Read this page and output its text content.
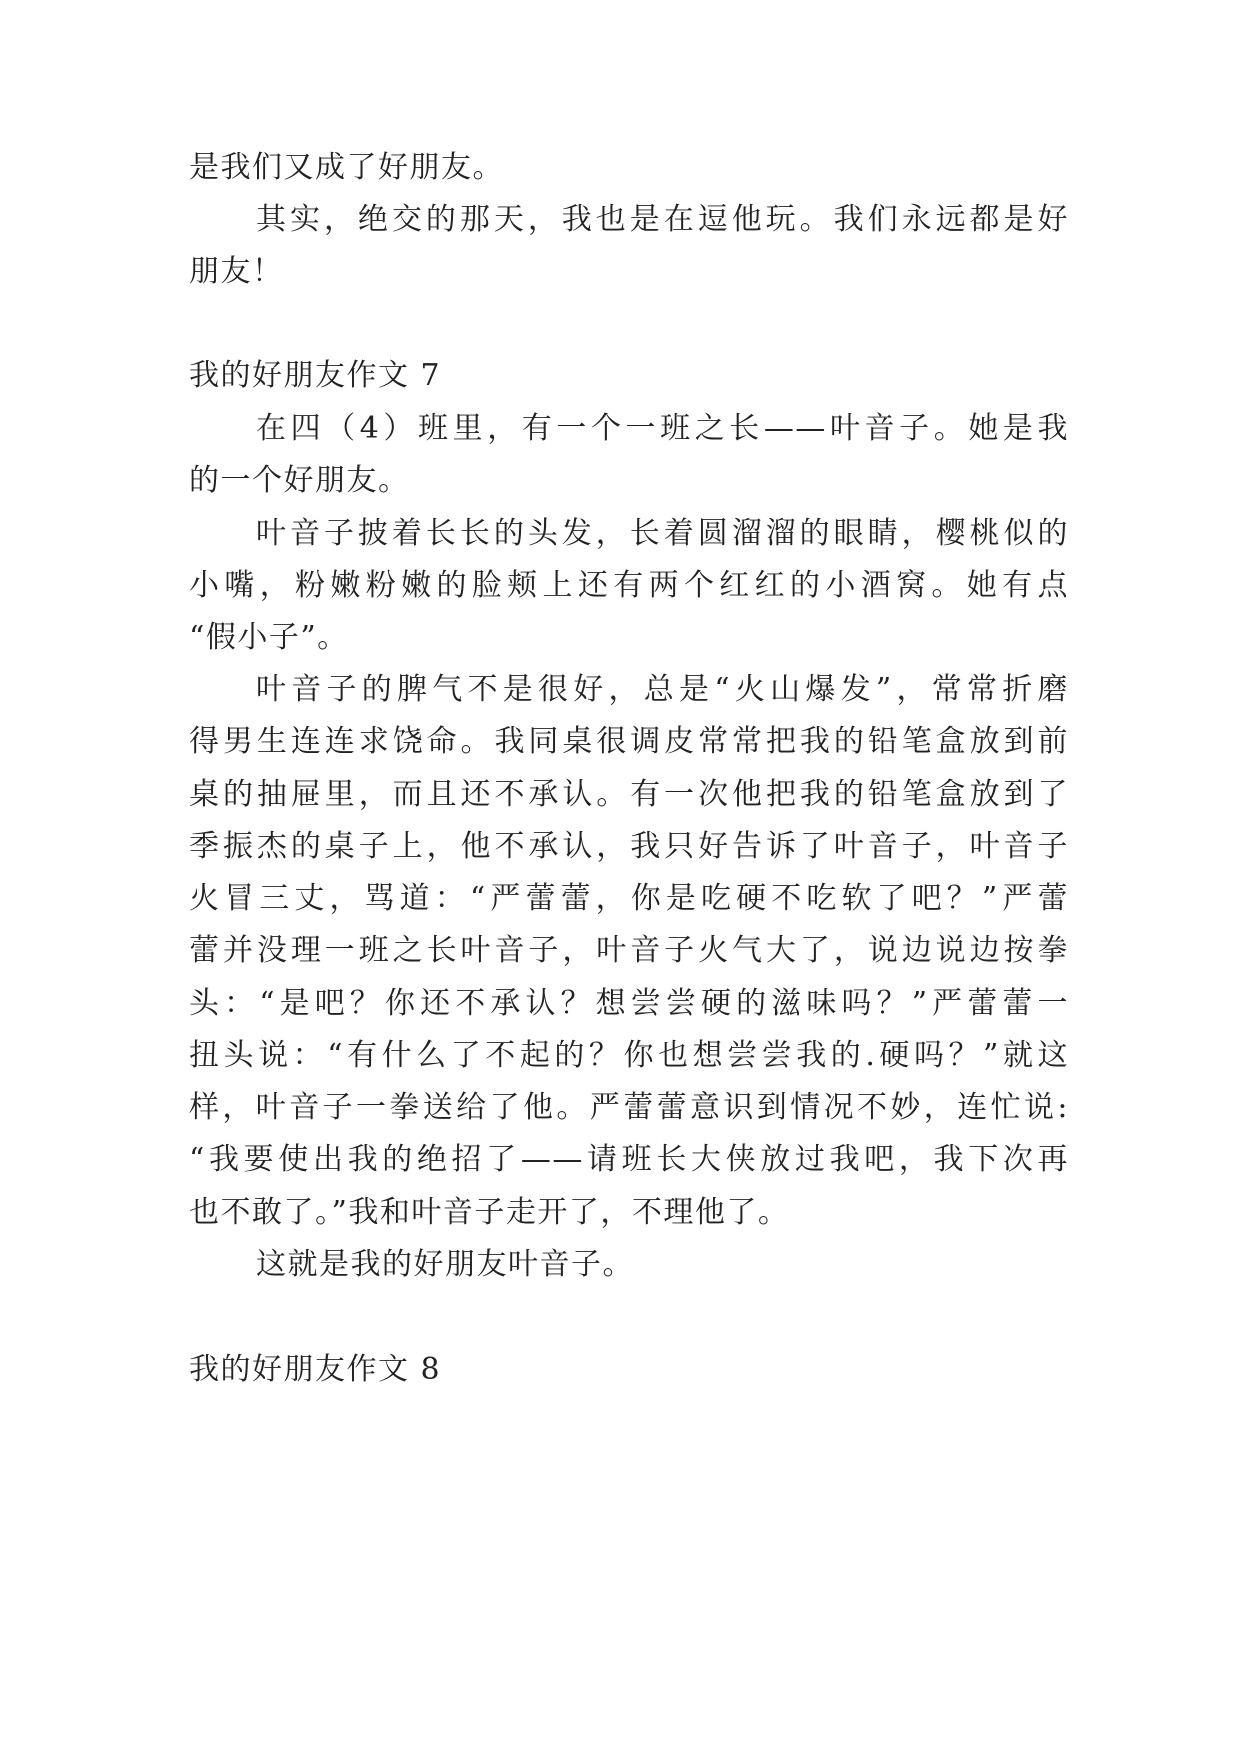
是我们又成了好朋友。
其实，绝交的那天，我也是在逗他玩。我们永远都是好
朋友！
我的好朋友作文 7
在四（4）班里，有一个一班之长——叶音子。她是我
的一个好朋友。
叶音子披着长长的头发，长着圆溜溜的眼睛，樱桃似的
小嘴，粉嫩粉嫩的脸颊上还有两个红红的小酒窝。她有点
“假小子”。
叶音子的脾气不是很好，总是“火山爆发”，常常折磨
得男生连连求饶命。我同桌很调皮常常把我的铅笔盒放到前
桌的抽屉里，而且还不承认。有一次他把我的铅笔盒放到了
季振杰的桌子上，他不承认，我只好告诉了叶音子，叶音子
火冒三丈，骂道：“严蕾蕾，你是吃硬不吃软了吧？”严蕾
蕾并没理一班之长叶音子，叶音子火气大了，说边说边按拳
头：“是吧？你还不承认？想尝尝硬的滋味吗？”严蕾蕾一
扭头说：“有什么了不起的？你也想尝尝我的.硬吗？”就这
样，叶音子一拳送给了他。严蕾蕾意识到情况不妙，连忙说:
“我要使出我的绝招了——请班长大侠放过我吧，我下次再
也不敢了。”我和叶音子走开了，不理他了。
这就是我的好朋友叶音子。
我的好朋友作文 8
